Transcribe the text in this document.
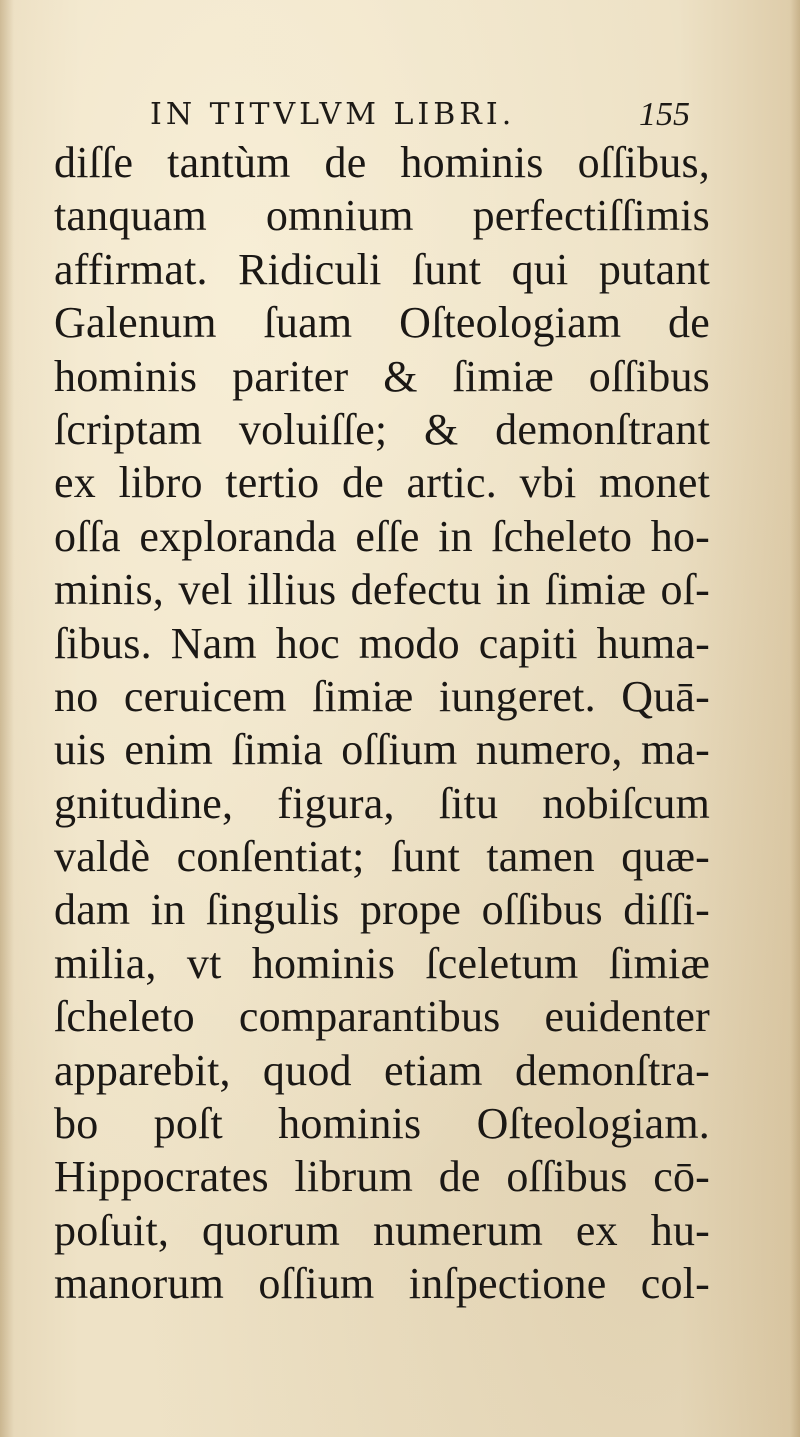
IN TITVLVM LIBRI.	155
diſſe tantùm de hominis oſſibus,
tanquam omnium perfectiſſimis
affirmat. Ridiculi ſunt qui putant
Galenum ſuam Oſteologiam de
hominis pariter & ſimiæ oſſibus
ſcriptam voluiſſe; & demonſtrant
ex libro tertio de artic. vbi monet
oſſa exploranda eſſe in ſcheleto ho-
minis, vel illius defectu in ſimiæ oſ-
ſibus. Nam hoc modo capiti huma-
no ceruicem ſimiæ iungeret. Quā-
uis enim ſimia oſſium numero, ma-
gnitudine, figura, ſitu nobiſcum
valdè conſentiat; ſunt tamen quæ-
dam in ſingulis prope oſſibus diſſi-
milia, vt hominis ſceletum ſimiæ
ſcheleto comparantibus euidenter
apparebit, quod etiam demonſtra-
bo poſt hominis Oſteologiam.
Hippocrates librum de oſſibus cō-
poſuit, quorum numerum ex hu-
manorum oſſium inſpectione col-
